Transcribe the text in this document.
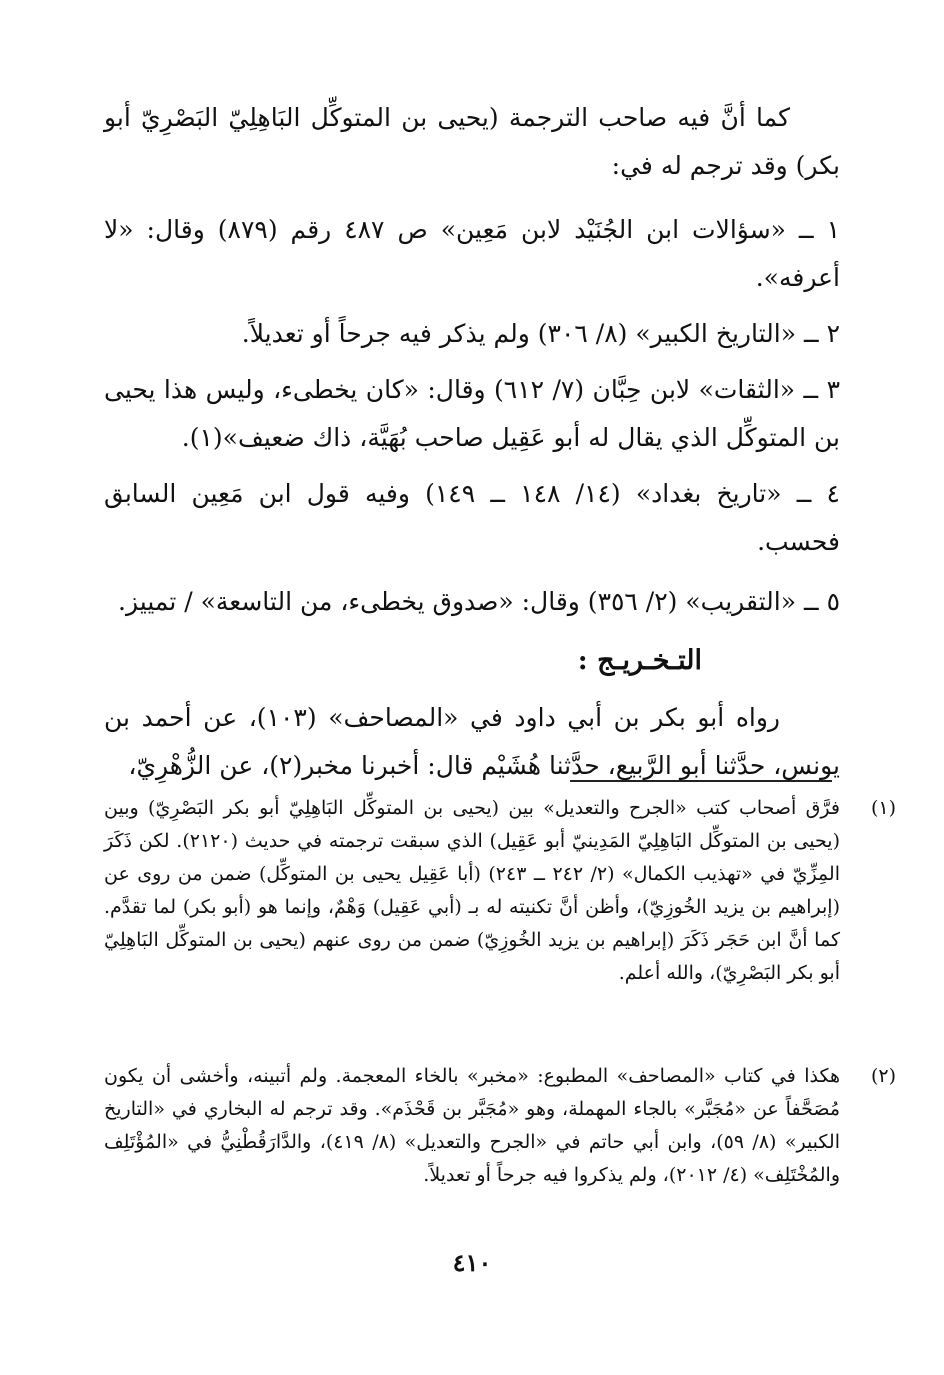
كما أنَّ فيه صاحب الترجمة (يحيى بن المتوكِّل البَاهِلِيّ البَصْرِيّ أبو بكر) وقد ترجم له في:

١ ــ «سؤالات ابن الجُنَيْد لابن مَعِين» ص ٤٨٧ رقم (٨٧٩) وقال: «لا أعرفه».

٢ ــ «التاريخ الكبير» (٨/ ٣٠٦) ولم يذكر فيه جرحاً أو تعديلاً.

٣ ــ «الثقات» لابن حِبَّان (٧/ ٦١٢) وقال: «كان يخطىء، وليس هذا يحيى بن المتوكِّل الذي يقال له أبو عَقِيل صاحب بُهَيَّة، ذاك ضعيف»(١).

٤ ــ «تاريخ بغداد» (١٤/ ١٤٨ ــ ١٤٩) وفيه قول ابن مَعِين السابق فحسب.

٥ ــ «التقريب» (٢/ ٣٥٦) وقال: «صدوق يخطىء، من التاسعة» / تمييز.

التـخـريـج :

رواه أبو بكر بن أبي داود في «المصاحف» (١٠٣)، عن أحمد بن يونس، حدَّثنا أبو الرَّبيع، حدَّثنا هُشَيْم قال: أخبرنا مخبر(٢)، عن الزُّهْرِيّ،

(١)

فرَّق أصحاب كتب «الجرح والتعديل» بين (يحيى بن المتوكِّل البَاهِلِيّ أبو بكر البَصْرِيّ) وبين (يحيى بن المتوكِّل البَاهِلِيّ المَدِينيّ أبو عَقِيل) الذي سبقت ترجمته في حديث (٢١٢٠). لكن ذَكَرَ المِزِّيّ في «تهذيب الكمال» (٢/ ٢٤٢ ــ ٢٤٣) (أبا عَقِيل يحيى بن المتوكِّل) ضمن من روى عن (إبراهيم بن يزيد الخُوزِيّ)، وأظن أنَّ تكنيته له بـ (أبي عَقِيل) وَهْمٌ، وإنما هو (أبو بكر) لما تقدَّم. كما أنَّ ابن حَجَر ذَكَرَ (إبراهيم بن يزيد الخُوزِيّ) ضمن من روى عنهم (يحيى بن المتوكِّل البَاهِلِيّ أبو بكر البَصْرِيّ)، والله أعلم.

(٢)

هكذا في كتاب «المصاحف» المطبوع: «مخبر» بالخاء المعجمة. ولم أتبينه، وأخشى أن يكون مُصَحَّفاً عن «مُجَبَّر» بالجاء المهملة، وهو «مُجَبَّر بن قَحْذَم». وقد ترجم له البخاري في «التاريخ الكبير» (٨/ ٥٩)، وابن أبي حاتم في «الجرح والتعديل» (٨/ ٤١٩)، والدَّارَقُطْنِيُّ في «المُؤْتَلِف والمُخْتَلِف» (٤/ ٢٠١٢)، ولم يذكروا فيه جرحاً أو تعديلاً.

٤١٠
